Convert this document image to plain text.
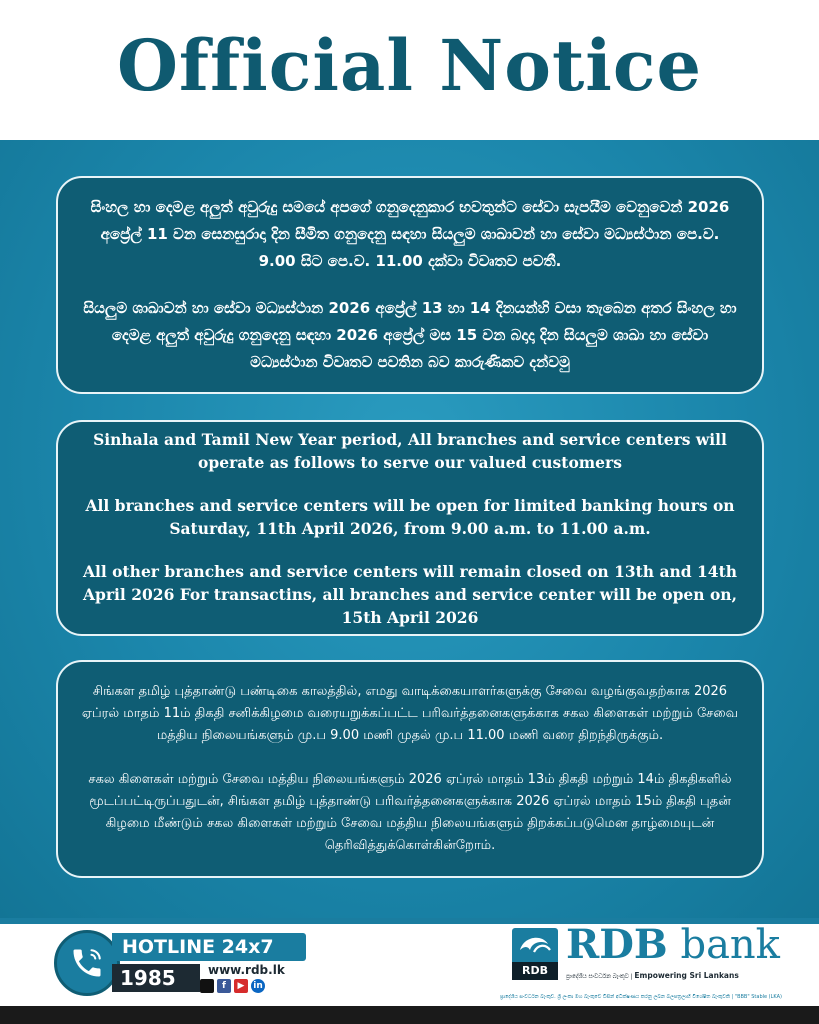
Official Notice

සිංහල හා දෙමළ අලුත් අවුරුදු සමයේ අපගේ ගනුදෙනුකාර භවතුන්ට සේවා සැපයීම වෙනුවෙන් 2026 අප්‍රේල් 11 වන සෙනසුරාදා දින සීමිත ගනුදෙනු සඳහා සියලුම ශාඛාවන් හා සේවා මධ්‍යස්ථාන පෙ.ව. 9.00 සිට පෙ.ව. 11.00 දක්වා විවෘතව පවතී.

සියලුම ශාඛාවන් හා සේවා මධ්‍යස්ථාන 2026 අප්‍රේල් 13 හා 14 දිනයන්හි වසා තැබෙන අතර සිංහල හා දෙමළ අලුත් අවුරුදු ගනුදෙනු සඳහා 2026 අප්‍රේල් මස 15 වන බදාදා දින සියලුම ශාඛා හා සේවා මධ්‍යස්ථාන විවෘතව පවතින බව කාරුණිකව දන්වමු

Sinhala and Tamil New Year period, All branches and service centers will operate as follows to serve our valued customers

All branches and service centers will be open for limited banking hours on Saturday, 11th April 2026, from 9.00 a.m. to 11.00 a.m.

All other branches and service centers will remain closed on 13th and 14th April 2026 For transactins, all branches and service center will be open on, 15th April 2026

சிங்கள தமிழ் புத்தாண்டு பண்டிகை காலத்தில், எமது வாடிக்கையாளர்களுக்கு சேவை வழங்குவதற்காக 2026 ஏப்ரல் மாதம் 11ம் திகதி சனிக்கிழமை வரையறுக்கப்பட்ட பரிவர்த்தனைகளுக்காக சகல கிளைகள் மற்றும் சேவை மத்திய நிலையங்களும் மு.ப 9.00 மணி முதல் மு.ப 11.00 மணி வரை திறந்திருக்கும்.

சகல கிளைகள் மற்றும் சேவை மத்திய நிலையங்களும் 2026 ஏப்ரல் மாதம் 13ம் திகதி மற்றும் 14ம் திகதிகளில் மூடப்பட்டிருப்பதுடன், சிங்கள தமிழ் புத்தாண்டு பரிவர்த்தனைகளுக்காக 2026 ஏப்ரல் மாதம் 15ம் திகதி புதன் கிழமை மீண்டும் சகல கிளைகள் மற்றும் சேவை மத்திய நிலையங்களும் திறக்கப்படுமென தாழ்மையுடன் தெரிவித்துக்கொள்கின்றோம்.

HOTLINE 24x7
1985	www.rdb.lk
f	▶ in
RDB
RDB bank
ප්‍රාදේශීය සංවර්ධන බැංකුව | Empowering Sri Lankans
ප්‍රාදේශීය සංවර්ධන බැංකුව. ශ්‍රී ලංකා මහ බැංකුවේ විසින් අධීක්ෂණය කරනු ලබන බලපත්‍රලාභී විශේෂිත බැංකුවකි | "BBB" Stable (LKA)
